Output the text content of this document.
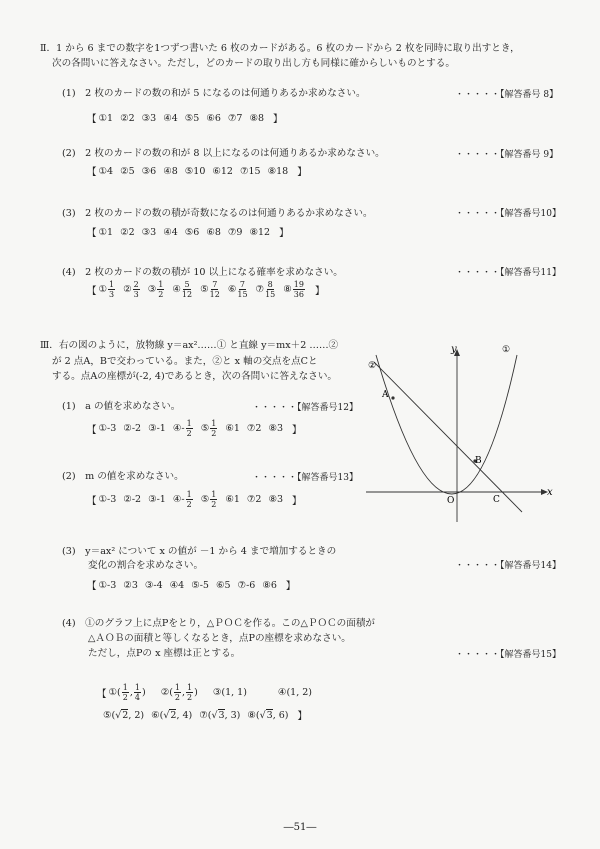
Ⅱ．1 から 6 までの数字を1つずつ書いた 6 枚のカードがある。6 枚のカードから 2 枚を同時に取り出すとき，
次の各問いに答えなさい。ただし，どのカードの取り出し方も同様に確からしいものとする。
(1)　2 枚のカードの数の和が 5 になるのは何通りあるか求めなさい。	・・・・・【解答番号 8】
【 ①1 ②2 ③3 ④4 ⑤5 ⑥6 ⑦7 ⑧8 】
(2)　2 枚のカードの数の和が 8 以上になるのは何通りあるか求めなさい。	・・・・・【解答番号 9】
【 ①4 ②5 ③6 ④8 ⑤10 ⑥12 ⑦15 ⑧18 】
(3)　2 枚のカードの数の積が奇数になるのは何通りあるか求めなさい。	・・・・・【解答番号10】
【 ①1 ②2 ③3 ④4 ⑤6 ⑥8 ⑦9 ⑧12 】
(4)　2 枚のカードの数の積が 10 以上になる確率を求めなさい。	・・・・・【解答番号11】
【 ① $\frac{1}{3}$ ② $\frac{2}{3}$ ③ $\frac{1}{2}$ ④ $\frac{5}{12}$ ⑤ $\frac{7}{12}$ ⑥ $\frac{7}{15}$ ⑦ $\frac{8}{15}$ ⑧ $\frac{19}{36}$ 】
Ⅲ．右の図のように，放物線 y＝ax²……① と直線 y＝mx＋2 ……②
が 2 点A，Bで交わっている。また，②と x 軸の交点を点Cと
する。点Aの座標が(-2, 4)であるとき，次の各問いに答えなさい。
(1)　a の値を求めなさい。	・・・・・【解答番号12】
【 ①-3 ②-2 ③-1 ④- $\frac{1}{2}$ ⑤ $\frac{1}{2}$ ⑥1 ⑦2 ⑧3 】
(2)　m の値を求めなさい。	・・・・・【解答番号13】
【 ①-3 ②-2 ③-1 ④- $\frac{1}{2}$ ⑤ $\frac{1}{2}$ ⑥1 ⑦2 ⑧3 】
(3)　y＝ax² について x の値が －1 から 4 まで増加するときの
変化の割合を求めなさい。	・・・・・【解答番号14】
【 ①-3 ②3 ③-4 ④4 ⑤-5 ⑥5 ⑦-6 ⑧6 】
(4)　①のグラフ上に点Pをとり，△ＰＯＣを作る。この△ＰＯＣの面積が
△ＡＯＢの面積と等しくなるとき，点Pの座標を求めなさい。
ただし，点Pの x 座標は正とする。	・・・・・【解答番号15】
【 ①( $\frac{1}{2}$ , $\frac{1}{4}$ ) ②( $\frac{1}{2}$ , $\frac{1}{2}$ ) ③(1, 1)	④(1, 2)
⑤(√ 2 , 2) ⑥(√ 2 , 4) ⑦(√ 3 , 3) ⑧(√ 3 , 6) 】
y
x
O
A
B
C
①
②
―51―
